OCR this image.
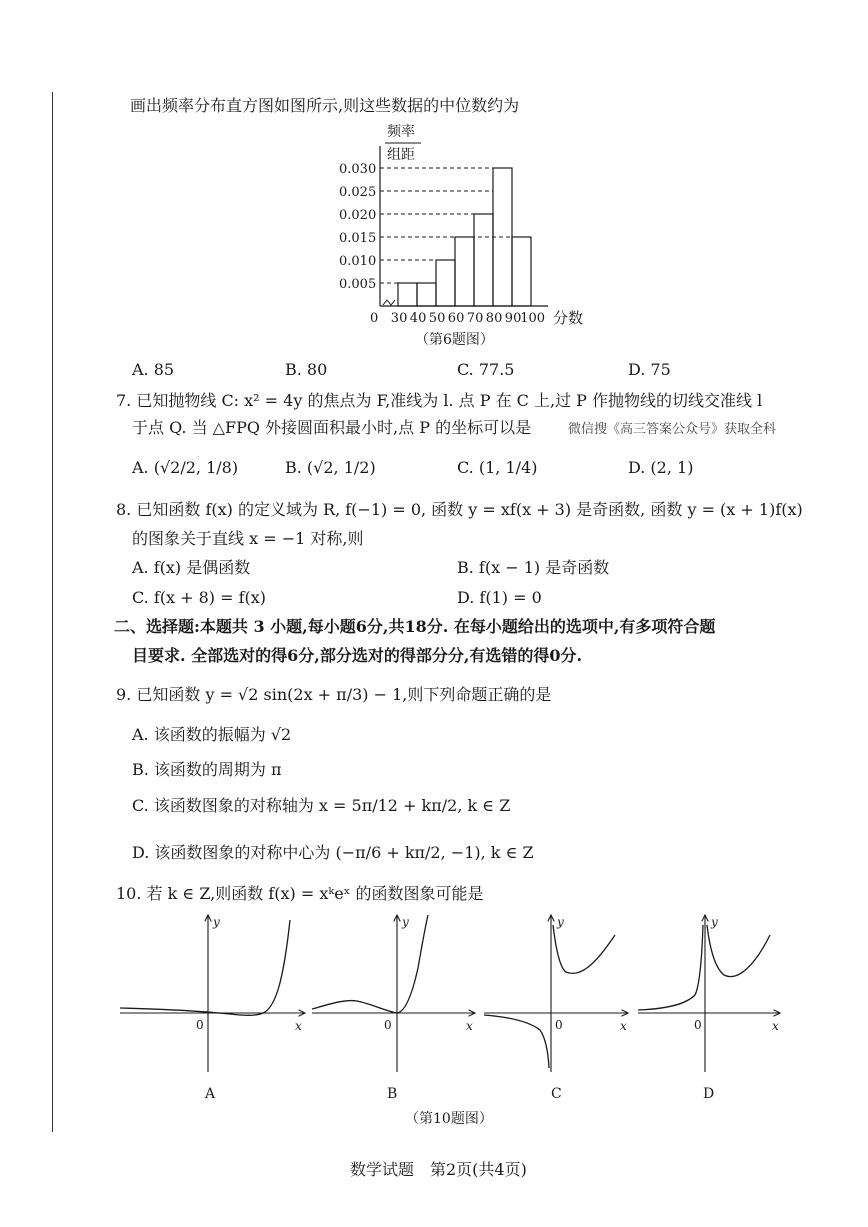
画出频率分布直方图如图所示,则这些数据的中位数约为
频率
组距
0.005
0.010
0.015
0.020
0.025
0.030
30 40 50 60 70 80 90
100
0	分数
（第6题图）
A. 85	B. 80	C. 77.5	D. 75
7. 已知抛物线 C: x² = 4y 的焦点为 F,准线为 l. 点 P 在 C 上,过 P 作抛物线的切线交准线 l
于点 Q. 当 △FPQ 外接圆面积最小时,点 P 的坐标可以是	微信搜《高三答案公众号》获取全科
A. (√2/2, 1/8)	B. (√2, 1/2)	C. (1, 1/4)	D. (2, 1)
8. 已知函数 f(x) 的定义域为 R, f(−1) = 0, 函数 y = xf(x + 3) 是奇函数, 函数 y = (x + 1)f(x)
的图象关于直线 x = −1 对称,则
A. f(x) 是偶函数	B. f(x − 1) 是奇函数
C. f(x + 8) = f(x)	D. f(1) = 0
二、选择题:本题共 3 小题,每小题6分,共18分. 在每小题给出的选项中,有多项符合题
目要求. 全部选对的得6分,部分选对的得部分分,有选错的得0分.
9. 已知函数 y = √2 sin(2x + π/3) − 1,则下列命题正确的是
A. 该函数的振幅为 √2
B. 该函数的周期为 π
C. 该函数图象的对称轴为 x = 5π/12 + kπ/2, k ∈ Z
D. 该函数图象的对称中心为 (−π/6 + kπ/2, −1), k ∈ Z
10. 若 k ∈ Z,则函数 f(x) = xᵏeˣ 的函数图象可能是
y
x
0
A
y
x
0
B
y
x
0
C
y
x
0
D
（第10题图）
数学试题　第2页(共4页)
